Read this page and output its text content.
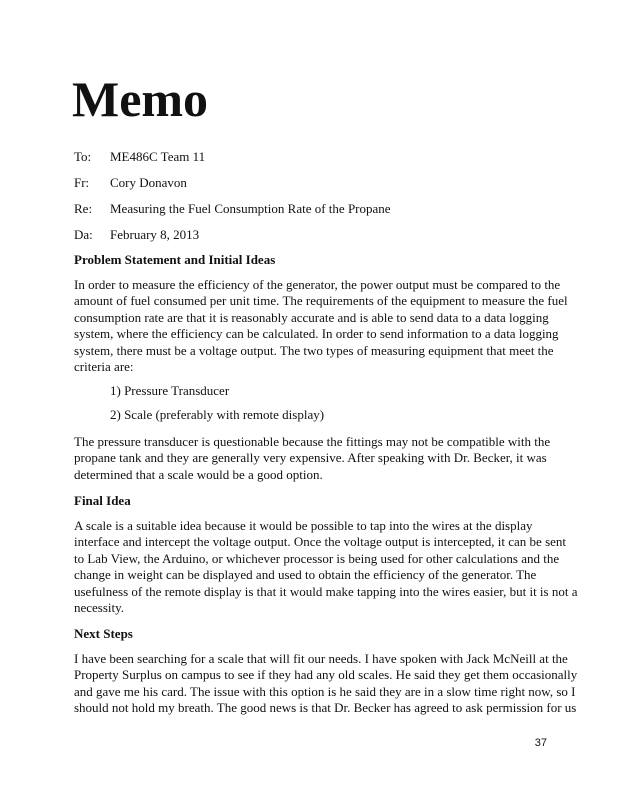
Memo
To: ME486C Team 11
Fr: Cory Donavon
Re: Measuring the Fuel Consumption Rate of the Propane
Da: February 8, 2013
Problem Statement and Initial Ideas
In order to measure the efficiency of the generator, the power output must be compared to the
amount of fuel consumed per unit time. The requirements of the equipment to measure the fuel
consumption rate are that it is reasonably accurate and is able to send data to a data logging
system, where the efficiency can be calculated. In order to send information to a data logging
system, there must be a voltage output. The two types of measuring equipment that meet the
criteria are:
1) Pressure Transducer
2) Scale (preferably with remote display)
The pressure transducer is questionable because the fittings may not be compatible with the
propane tank and they are generally very expensive. After speaking with Dr. Becker, it was
determined that a scale would be a good option.
Final Idea
A scale is a suitable idea because it would be possible to tap into the wires at the display
interface and intercept the voltage output. Once the voltage output is intercepted, it can be sent
to Lab View, the Arduino, or whichever processor is being used for other calculations and the
change in weight can be displayed and used to obtain the efficiency of the generator. The
usefulness of the remote display is that it would make tapping into the wires easier, but it is not a
necessity.
Next Steps
I have been searching for a scale that will fit our needs. I have spoken with Jack McNeill at the
Property Surplus on campus to see if they had any old scales. He said they get them occasionally
and gave me his card. The issue with this option is he said they are in a slow time right now, so I
should not hold my breath. The good news is that Dr. Becker has agreed to ask permission for us
37
